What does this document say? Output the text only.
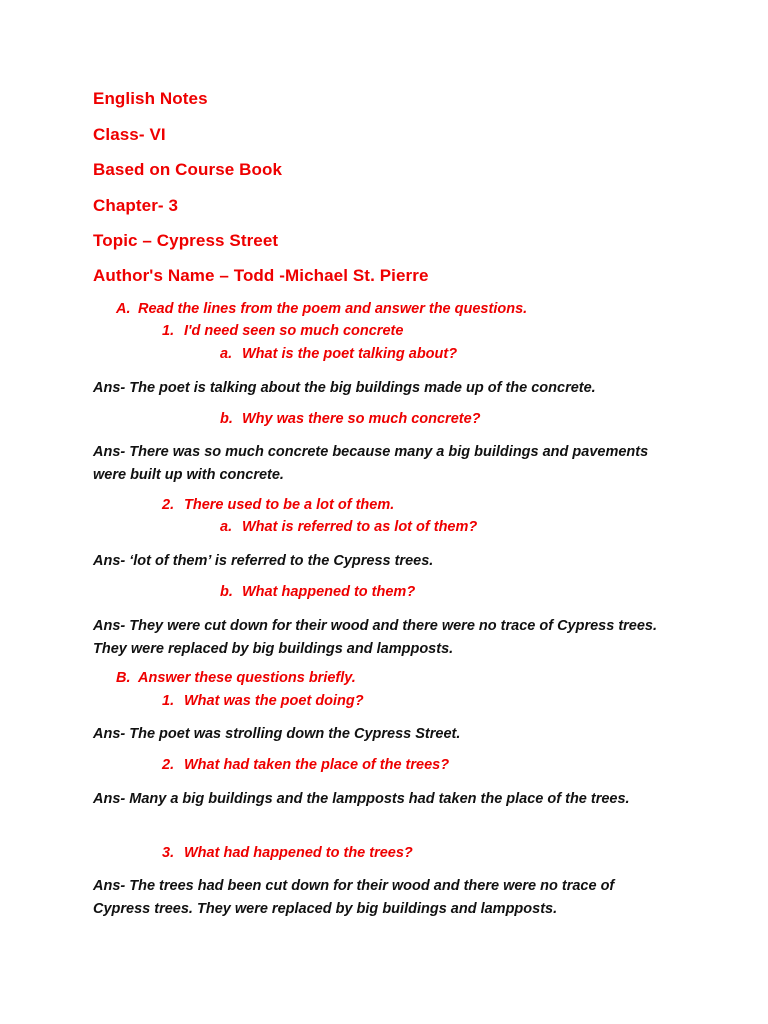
English Notes
Class- VI
Based on Course Book
Chapter- 3
Topic – Cypress Street
Author's Name – Todd -Michael St. Pierre
A. Read the lines from the poem and answer the questions.
1. I'd need seen so much concrete
a. What is the poet talking about?
Ans- The poet is talking about the big buildings made up of the concrete.
b. Why was there so much concrete?
Ans- There was so much concrete because many a big buildings and pavements were built up with concrete.
2. There used to be a lot of them.
a. What is referred to as lot of them?
Ans- ‘lot of them’ is referred to the Cypress trees.
b. What happened to them?
Ans- They were cut down for their wood and there were no trace of Cypress trees. They were replaced by big buildings and lampposts.
B. Answer these questions briefly.
1. What was the poet doing?
Ans- The poet was strolling down the Cypress Street.
2. What had taken the place of the trees?
Ans- Many a big buildings and the lampposts had taken the place of the trees.
3. What had happened to the trees?
Ans- The trees had been cut down for their wood and there were no trace of Cypress trees. They were replaced by big buildings and lampposts.
